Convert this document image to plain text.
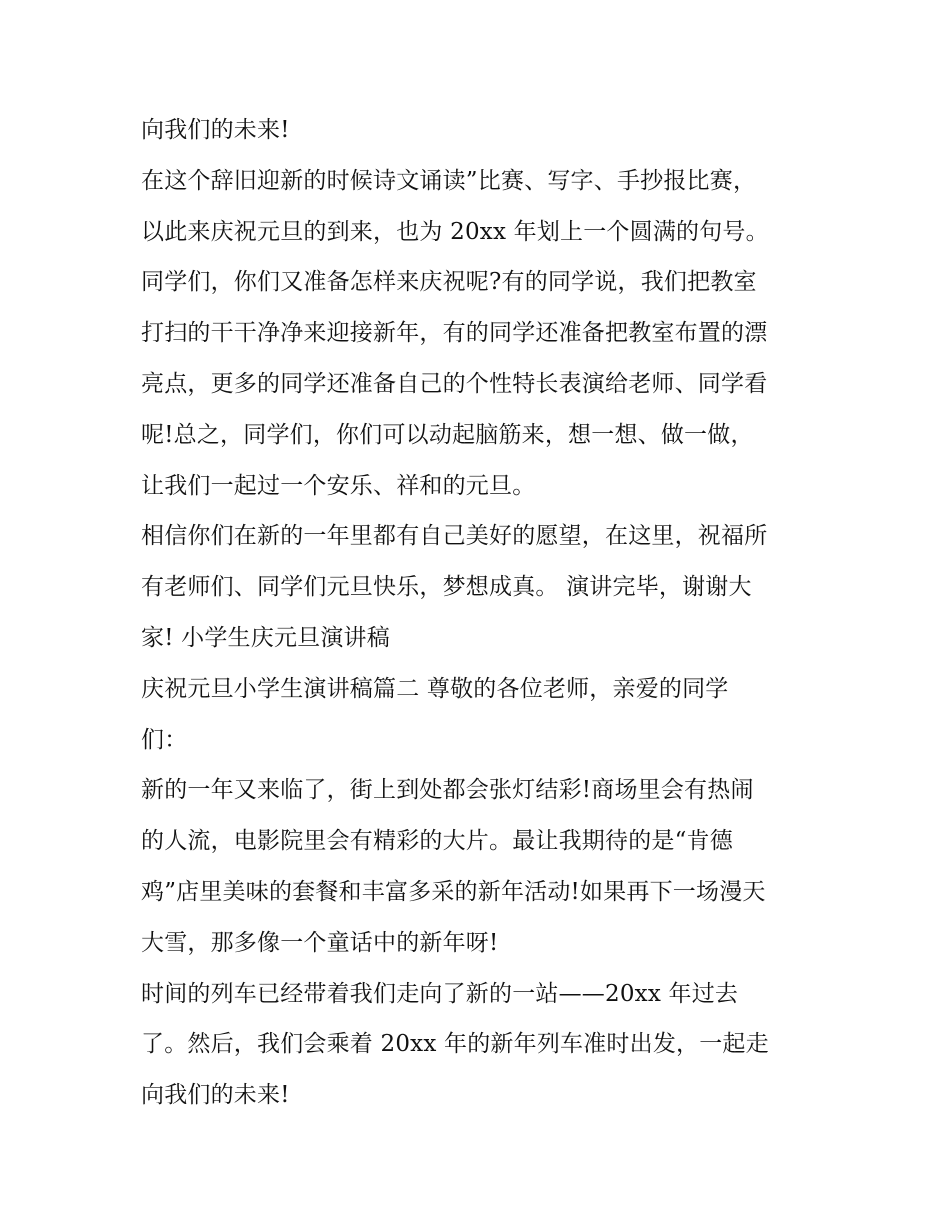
向我们的未来!
在这个辞旧迎新的时候诗文诵读”比赛、写字、手抄报比赛，
以此来庆祝元旦的到来，也为 20xx 年划上一个圆满的句号。
同学们，你们又准备怎样来庆祝呢?有的同学说，我们把教室
打扫的干干净净来迎接新年，有的同学还准备把教室布置的漂
亮点，更多的同学还准备自己的个性特长表演给老师、同学看
呢!总之，同学们，你们可以动起脑筋来，想一想、做一做，
让我们一起过一个安乐、祥和的元旦。
相信你们在新的一年里都有自己美好的愿望，在这里，祝福所
有老师们、同学们元旦快乐，梦想成真。 演讲完毕，谢谢大
家! 小学生庆元旦演讲稿
庆祝元旦小学生演讲稿篇二 尊敬的各位老师，亲爱的同学
们：
新的一年又来临了，街上到处都会张灯结彩!商场里会有热闹
的人流，电影院里会有精彩的大片。最让我期待的是“肯德
鸡”店里美味的套餐和丰富多采的新年活动!如果再下一场漫天
大雪，那多像一个童话中的新年呀!
时间的列车已经带着我们走向了新的一站——20xx 年过去
了。然后，我们会乘着 20xx 年的新年列车准时出发，一起走
向我们的未来!
